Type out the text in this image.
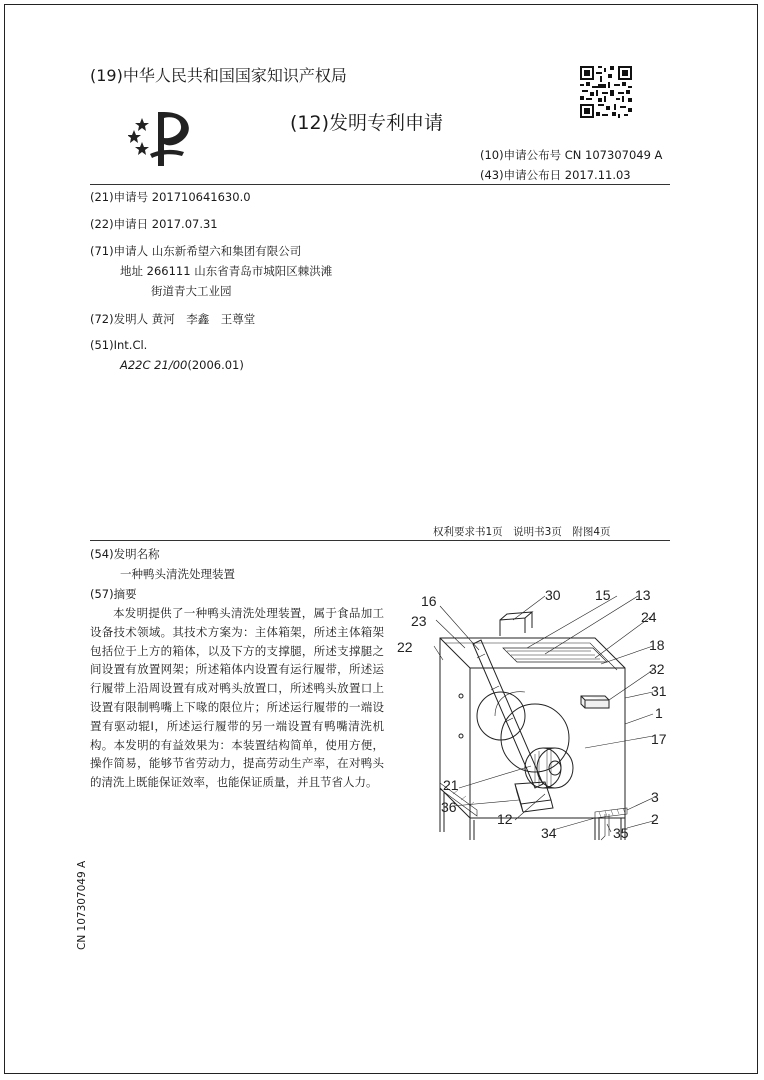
(19)中华人民共和国国家知识产权局
(12)发明专利申请
(10)申请公布号 CN 107307049 A
(43)申请公布日 2017.11.03
(21)申请号 201710641630.0
(22)申请日 2017.07.31
(71)申请人 山东新希望六和集团有限公司
地址 266111 山东省青岛市城阳区棘洪滩
街道青大工业园
(72)发明人 黄河　李鑫　王尊堂
(51)Int.Cl.
A22C 21/00(2006.01)
权利要求书1页　说明书3页　附图4页
(54)发明名称
一种鸭头清洗处理装置
(57)摘要
本发明提供了一种鸭头清洗处理装置，属于食品加工设备技术领域。其技术方案为：主体箱架，所述主体箱架包括位于上方的箱体，以及下方的支撑腿，所述支撑腿之间设置有放置网架；所述箱体内设置有运行履带，所述运行履带上沿周设置有成对鸭头放置口，所述鸭头放置口上设置有限制鸭嘴上下喙的限位片；所述运行履带的一端设置有驱动辊I，所述运行履带的另一端设置有鸭嘴清洗机构。本发明的有益效果为：本装置结构简单，使用方便，操作简易，能够节省劳动力，提高劳动生产率，在对鸭头的清洗上既能保证效率，也能保证质量，并且节省人力。
CN 107307049 A
16	30 15 13
24
23
18
22
32
31
1
17
3
2
21
36
12
34	35
